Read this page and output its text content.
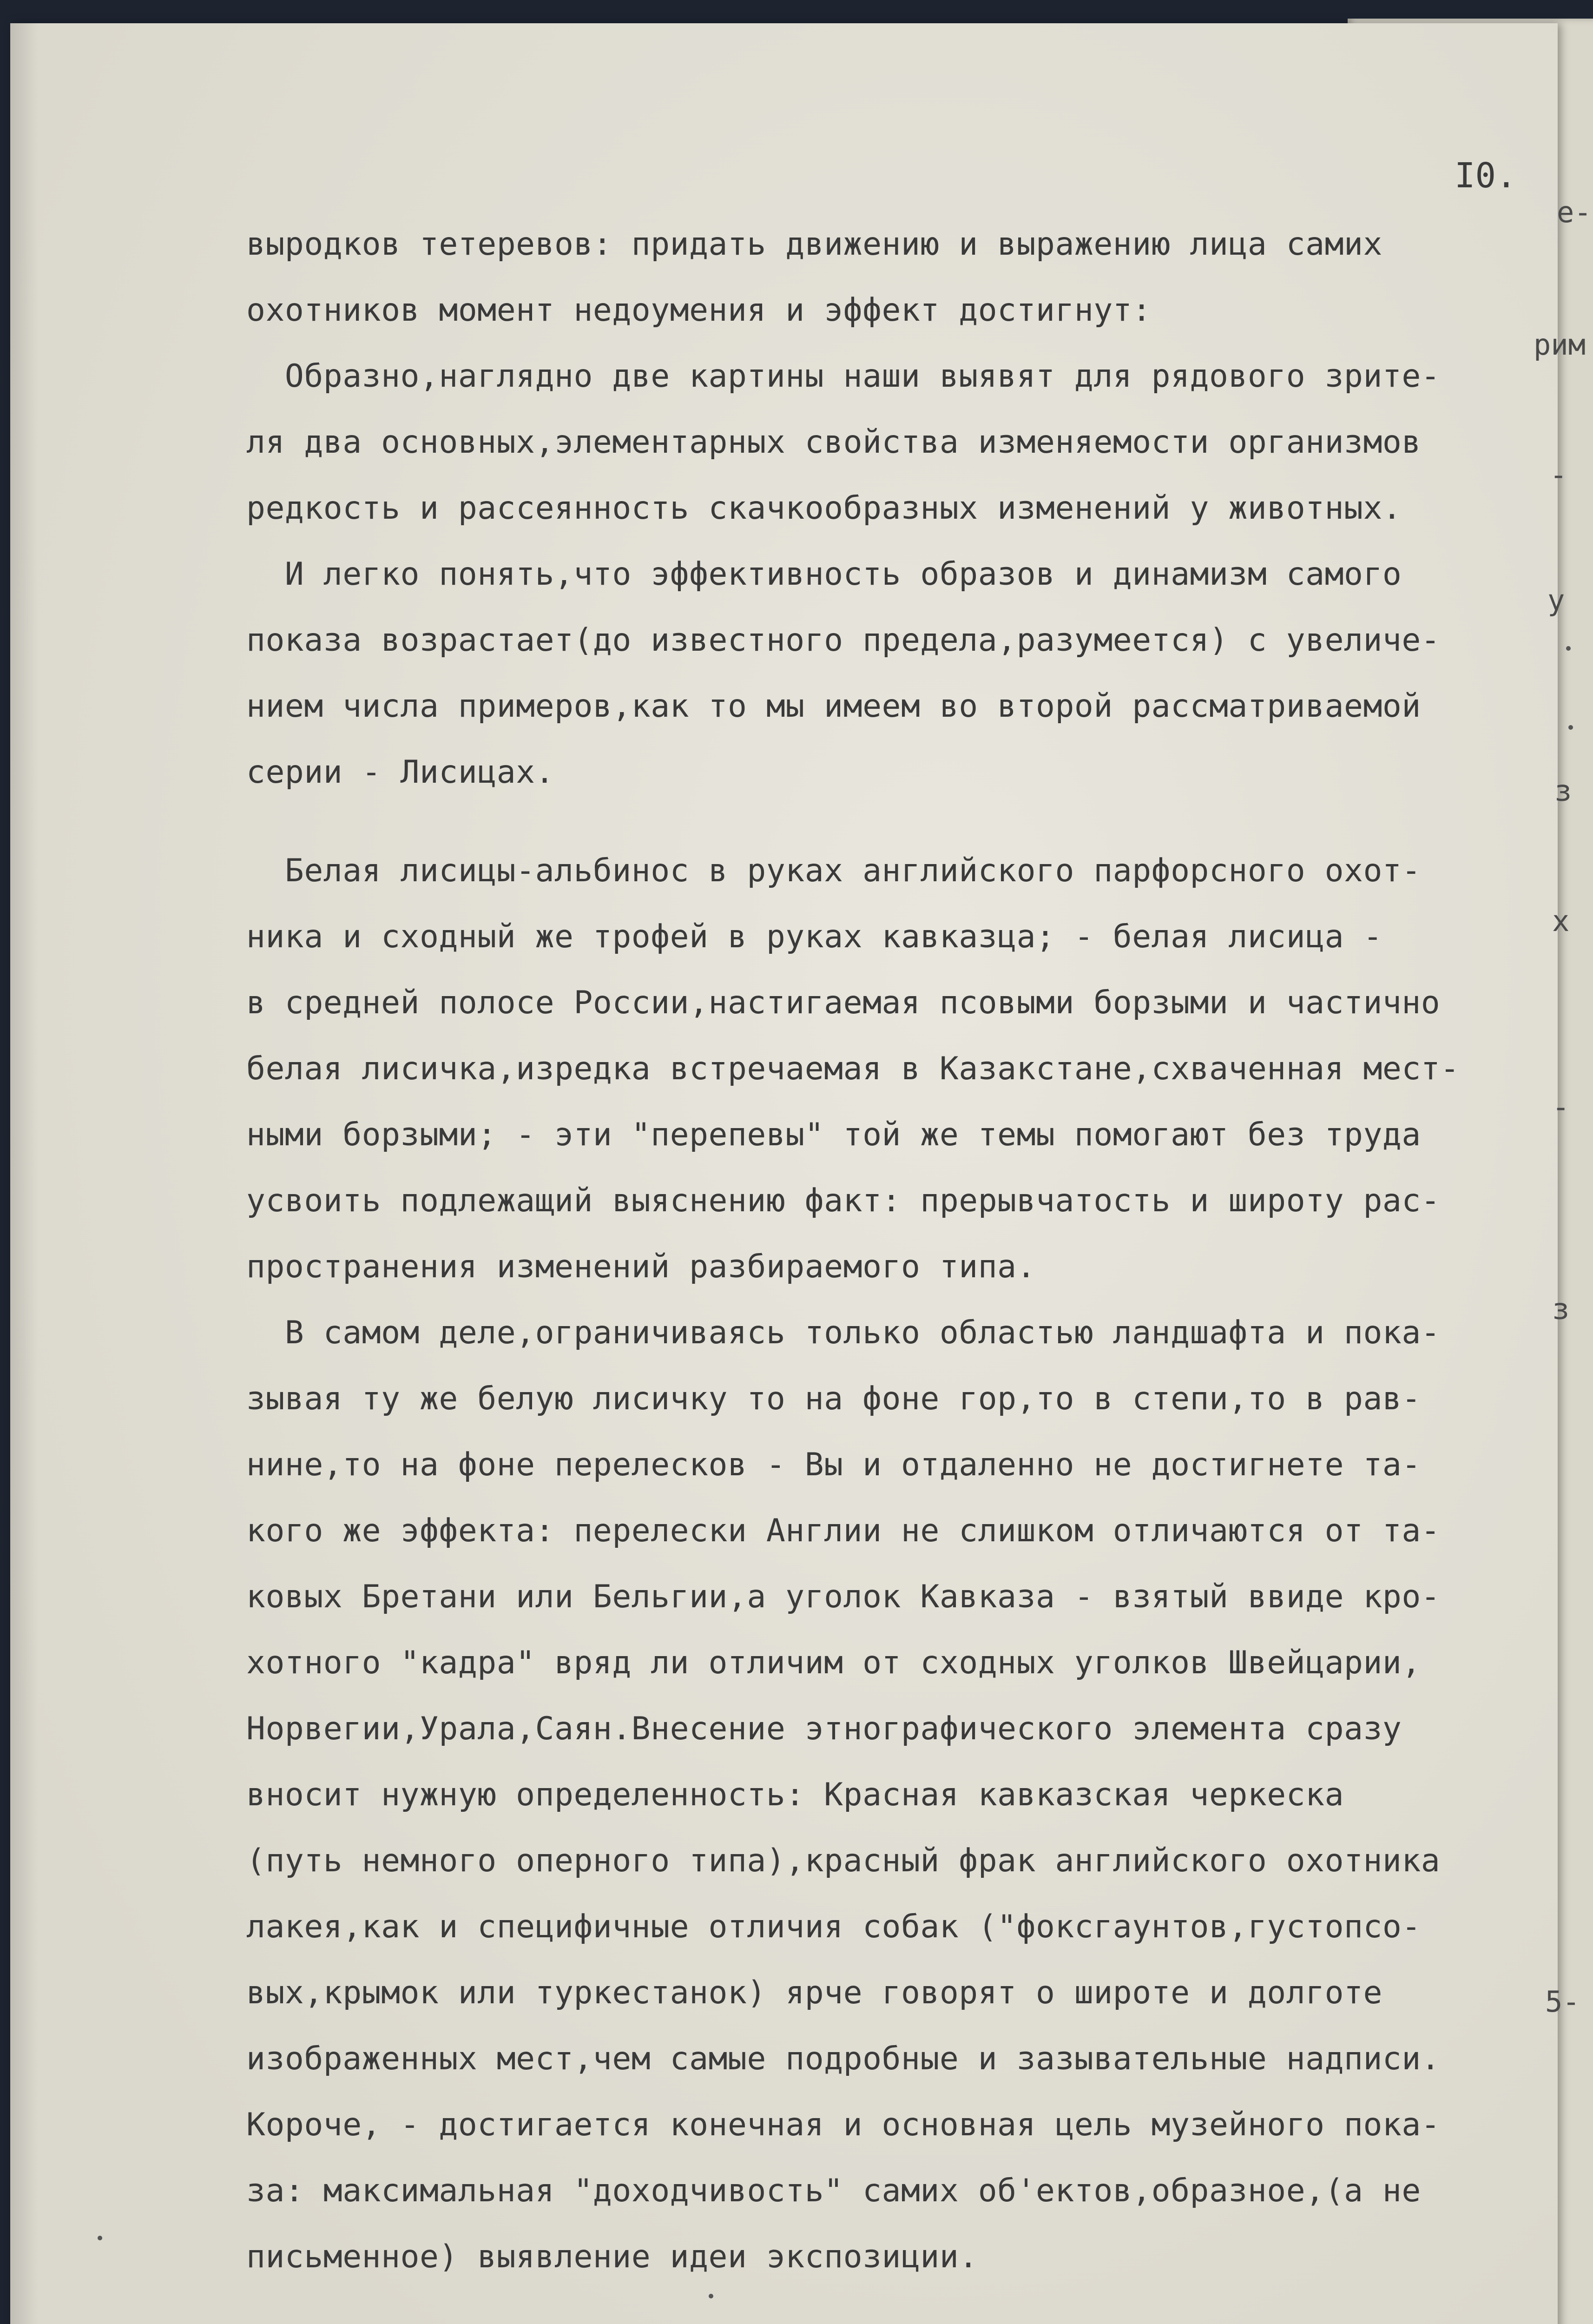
I0.
выродков тетеревов: придать движению и выражению лица самих
охотников момент недоумения и эффект достигнут:
Образно,наглядно две картины наши выявят для рядового зрите-
ля два основных,элементарных свойства изменяемости организмов
редкость и рассеянность скачкообразных изменений у животных.
И легко понять,что эффективность образов и динамизм самого
показа возрастает(до известного предела,разумеется) с увеличе-
нием числа примеров,как то мы имеем во второй рассматриваемой
серии - Лисицах.
Белая лисицы-альбинос в руках английского парфорсного охот-
ника и сходный же трофей в руках кавказца; - белая лисица -
в средней полосе России,настигаемая псовыми борзыми и частично
белая лисичка,изредка встречаемая в Казакстане,схваченная мест-
ными борзыми; - эти "перепевы" той же темы помогают без труда
усвоить подлежащий выяснению факт: прерывчатость и широту рас-
пространения изменений разбираемого типа.
В самом деле,ограничиваясь только областью ландшафта и пока-
зывая ту же белую лисичку то на фоне гор,то в степи,то в рав-
нине,то на фоне перелесков - Вы и отдаленно не достигнете та-
кого же эффекта: перелески Англии не слишком отличаются от та-
ковых Бретани или Бельгии,а уголок Кавказа - взятый ввиде кро-
хотного "кадра" вряд ли отличим от сходных уголков Швейцарии,
Норвегии,Урала,Саян.Внесение этнографического элемента сразу
вносит нужную определенность: Красная кавказская черкеска
(путь немного оперного типа),красный фрак английского охотника
лакея,как и специфичные отличия собак ("фоксгаунтов,густопсо-
вых,крымок или туркестанок) ярче говорят о широте и долготе
изображенных мест,чем самые подробные и зазывательные надписи.
Короче, - достигается конечная и основная цель музейного пока-
за: максимальная "доходчивость" самих об'ектов,образное,(а не
письменное) выявление идеи экспозиции.
е-
рим
-
у
з
х
-
з
5-
